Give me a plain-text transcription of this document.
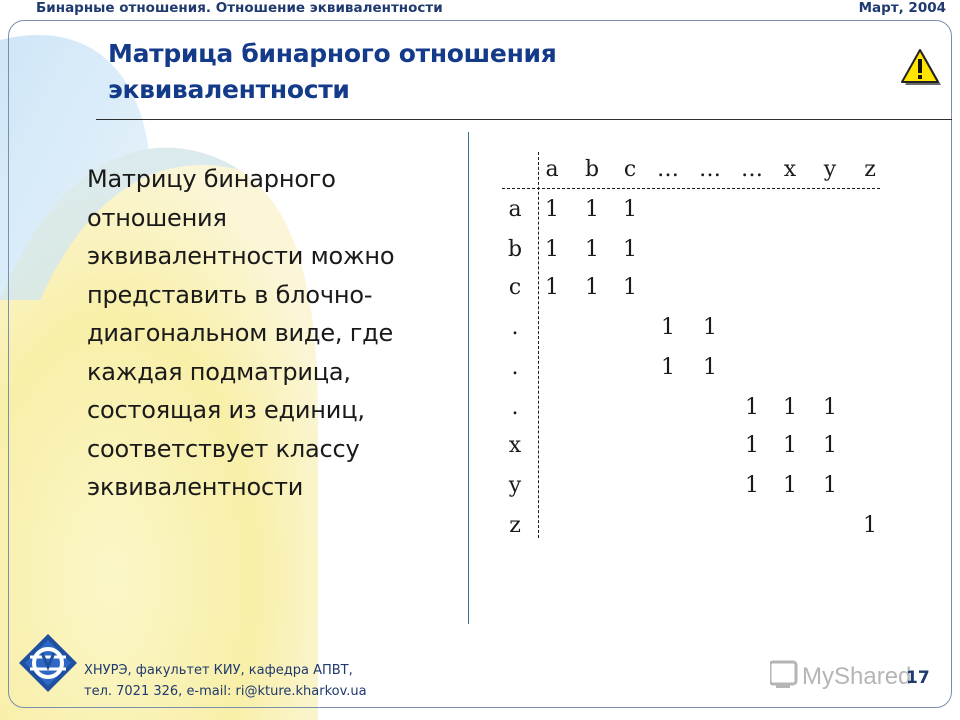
Бинарные отношения. Отношение эквивалентности	Март, 2004
Матрица бинарного отношения
эквивалентности
Матрицу бинарного
отношения
эквивалентности можно
представить в блочно-
диагональном виде, где
каждая подматрица,
состоящая из единиц,
соответствует классу
эквивалентности
ХНУРЭ, факультет КИУ, кафедра АПВТ,
тел. 7021 326, e-mail: ri@kture.kharkov.ua
MyShared
17
a b c … … … x y z
a
b
c
.
.
.
x
y
z
1 1 1
1 1 1
1 1 1
1 1
1 1
1 1 1
1 1 1
1 1 1
1
